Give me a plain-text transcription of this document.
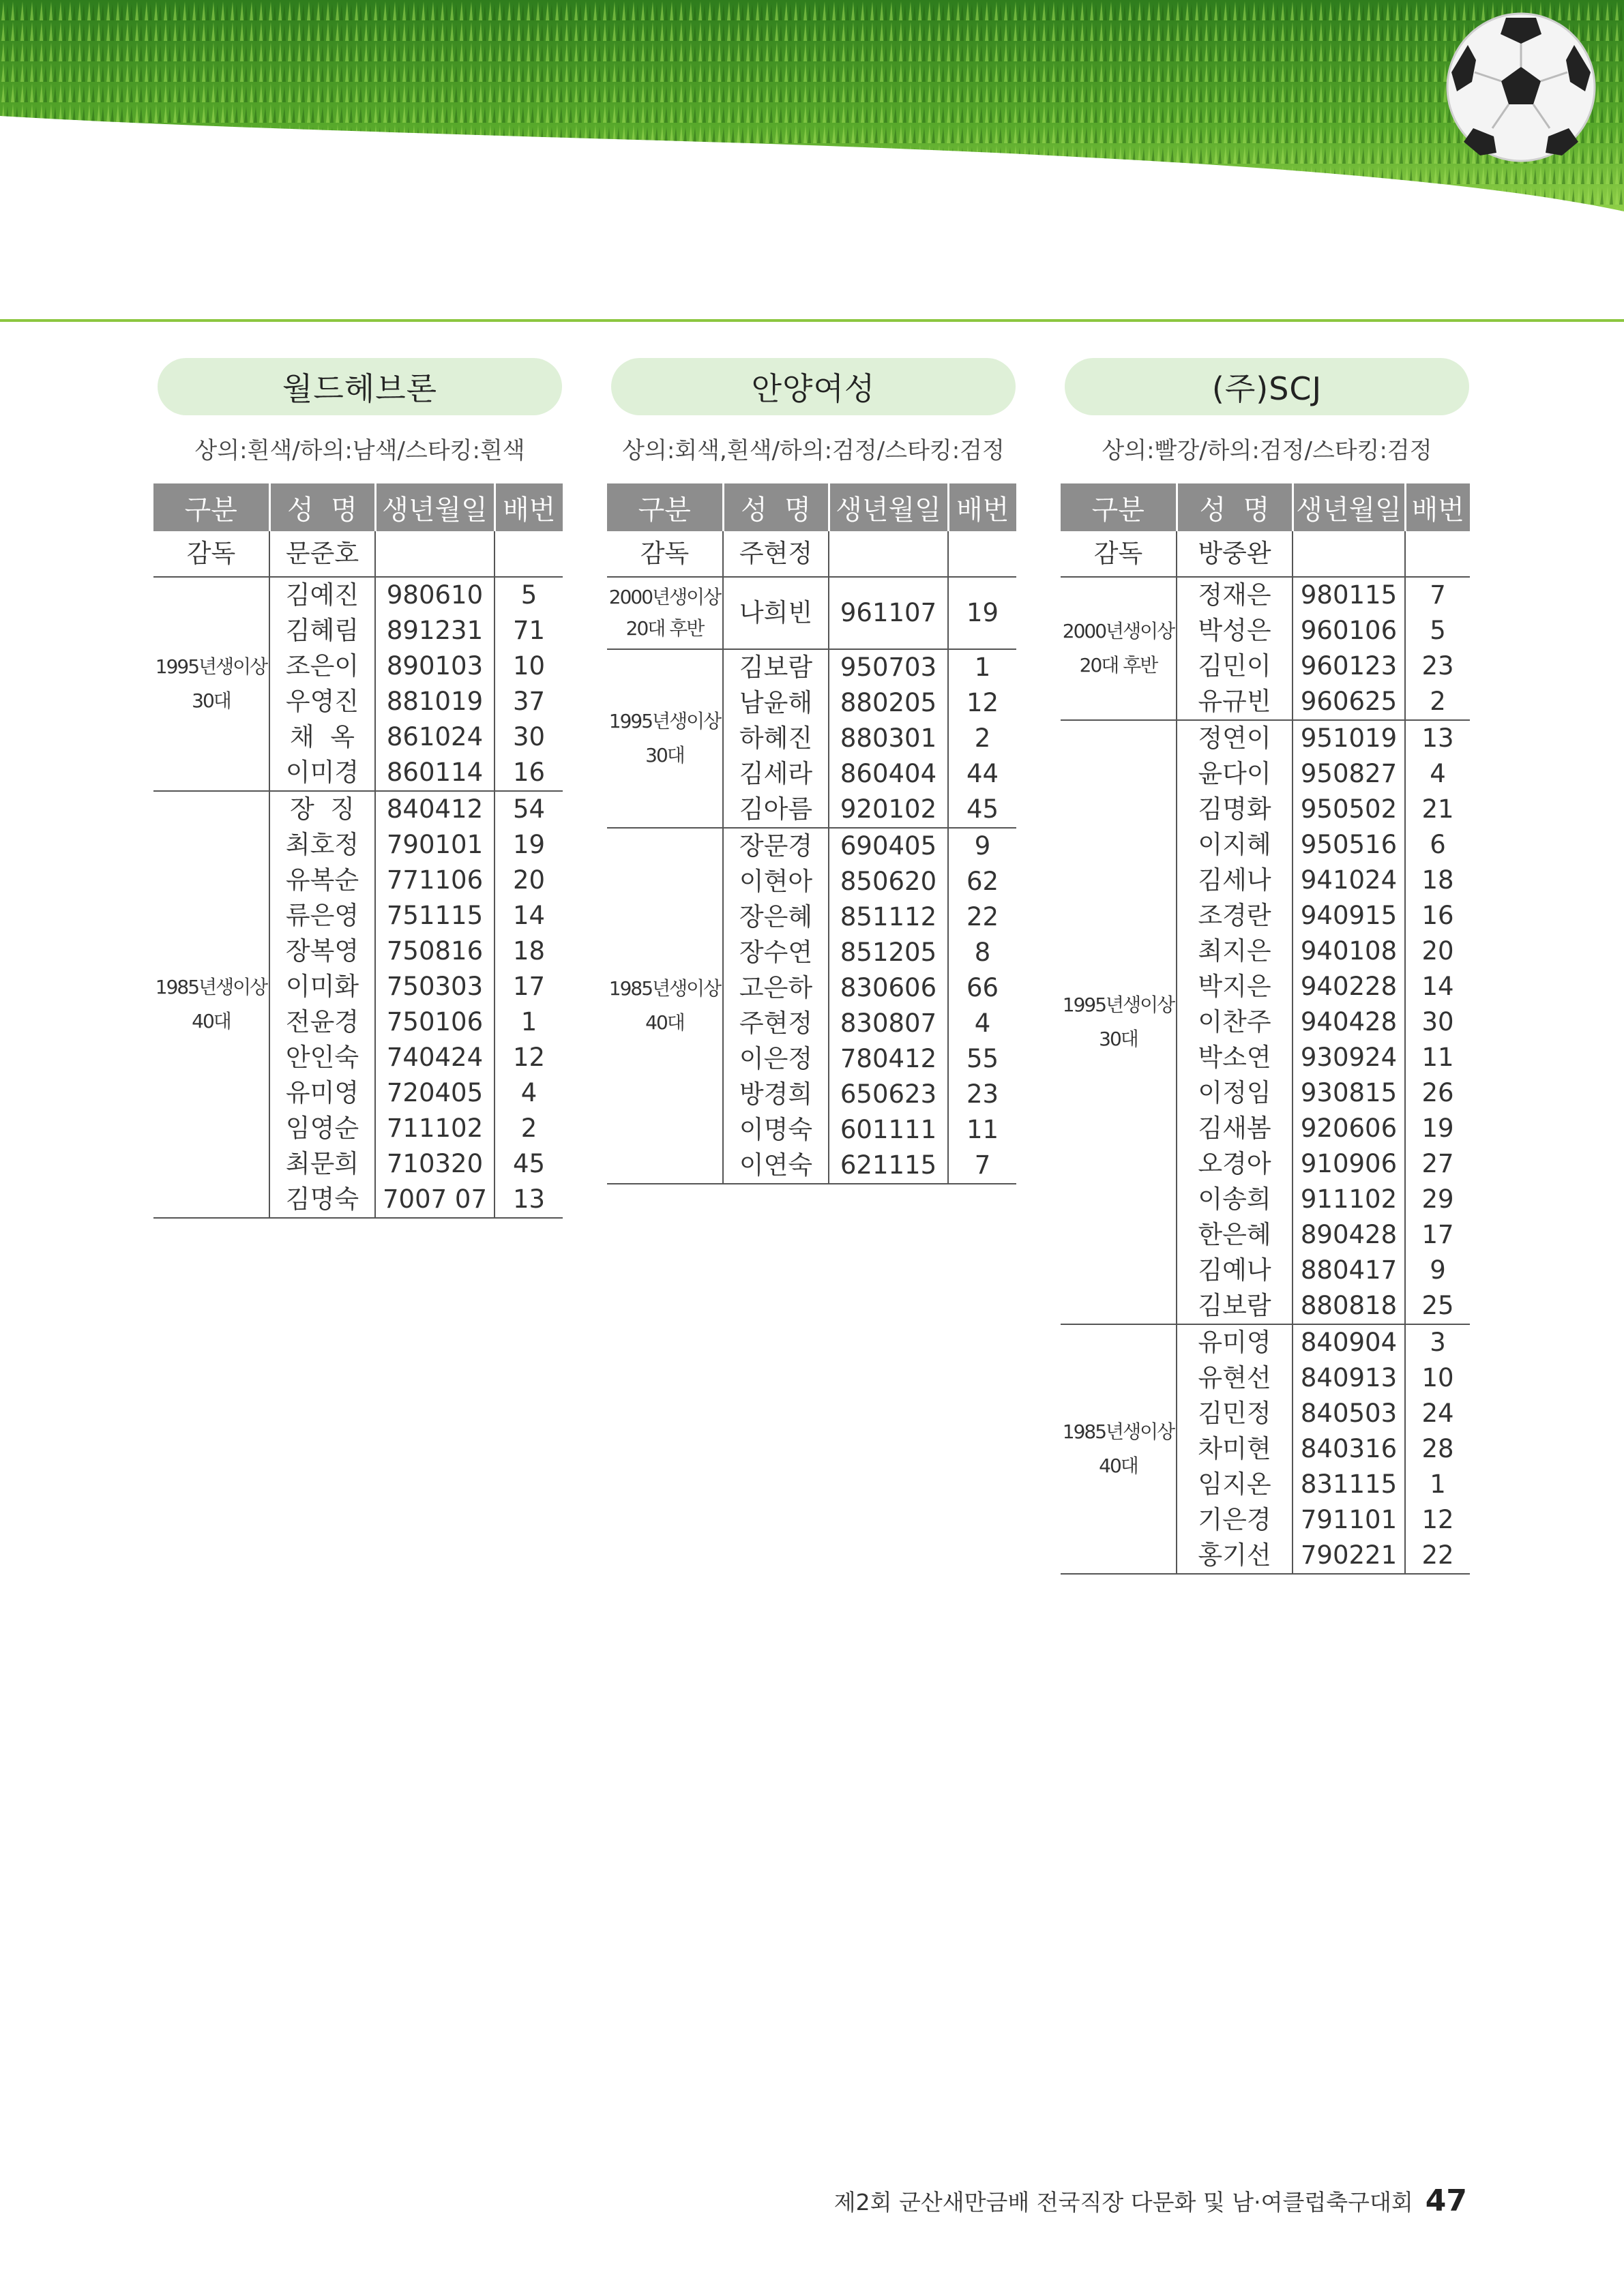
월드헤브론
상의:흰색/하의:남색/스타킹:흰색
구분	성  명	생년월일	배번
감독	문준호		
1995년생이상 30대	김예진	980610	5
	김혜림	891231	71
	조은이	890103	10
	우영진	881019	37
	채  옥	861024	30
	이미경	860114	16
1985년생이상 40대	장  징	840412	54
	최호정	790101	19
	유복순	771106	20
	류은영	751115	14
	장복영	750816	18
	이미화	750303	17
	전윤경	750106	1
	안인숙	740424	12
	유미영	720405	4
	임영순	711102	2
	최문희	710320	45
	김명숙	7007 07	13
안양여성
상의:회색,흰색/하의:검정/스타킹:검정
구분	성  명	생년월일	배번
감독	주현정		
2000년생이상 20대 후반	나희빈	961107	19
1995년생이상 30대	김보람	950703	1
	남윤해	880205	12
	하혜진	880301	2
	김세라	860404	44
	김아름	920102	45
1985년생이상 40대	장문경	690405	9
	이현아	850620	62
	장은혜	851112	22
	장수연	851205	8
	고은하	830606	66
	주현정	830807	4
	이은정	780412	55
	방경희	650623	23
	이명숙	601111	11
	이연숙	621115	7
(주)SCJ
상의:빨강/하의:검정/스타킹:검정
구분	성  명	생년월일	배번
감독	방중완		
2000년생이상 20대 후반	정재은	980115	7
	박성은	960106	5
	김민이	960123	23
	유규빈	960625	2
1995년생이상 30대	정연이	951019	13
	윤다이	950827	4
	김명화	950502	21
	이지혜	950516	6
	김세나	941024	18
	조경란	940915	16
	최지은	940108	20
	박지은	940228	14
	이찬주	940428	30
	박소연	930924	11
	이정임	930815	26
	김새봄	920606	19
	오경아	910906	27
	이송희	911102	29
	한은혜	890428	17
	김예나	880417	9
	김보람	880818	25
1985년생이상 40대	유미영	840904	3
	유현선	840913	10
	김민정	840503	24
	차미현	840316	28
	임지온	831115	1
	기은경	791101	12
	홍기선	790221	22
제2회 군산새만금배 전국직장 다문화 및 남·여클럽축구대회 47
